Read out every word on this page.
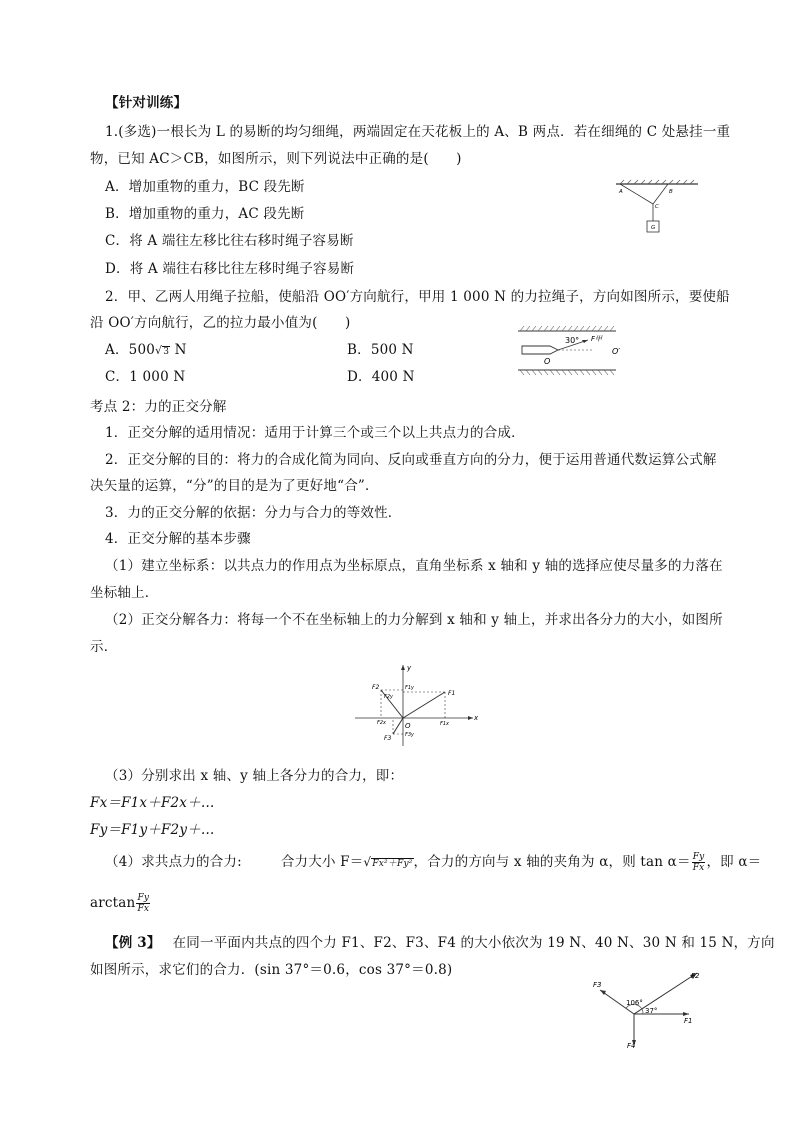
【针对训练】
1.(多选)一根长为 L 的易断的均匀细绳，两端固定在天花板上的 A、B 两点．若在细绳的 C 处悬挂一重
物，已知 AC＞CB，如图所示，则下列说法中正确的是(　　)
A．增加重物的重力，BC 段先断
B．增加重物的重力，AC 段先断
C．将 A 端往左移比往右移时绳子容易断
D．将 A 端往右移比往左移时绳子容易断
A	B
C
G
2．甲、乙两人用绳子拉船，使船沿 OO′方向航行，甲用 1 000 N 的力拉绳子，方向如图所示，要使船
沿 OO′方向航行，乙的拉力最小值为(　　)
A．500√3 N	B．500 N
C．1 000 N	D．400 N
30° F甲
O
O′
考点 2：力的正交分解
1．正交分解的适用情况：适用于计算三个或三个以上共点力的合成．
2．正交分解的目的：将力的合成化简为同向、反向或垂直方向的分力，便于运用普通代数运算公式解
决矢量的运算，“分”的目的是为了更好地“合”．
3．力的正交分解的依据：分力与合力的等效性．
4．正交分解的基本步骤
（1）建立坐标系：以共点力的作用点为坐标原点，直角坐标系 x 轴和 y 轴的选择应使尽量多的力落在
坐标轴上．
（2）正交分解各力：将每一个不在坐标轴上的力分解到 x 轴和 y 轴上，并求出各分力的大小，如图所
示．
y
x
O
F1
F2
F3
F1x
F1y
F2x
F2y
F3y
（3）分别求出 x 轴、y 轴上各分力的合力，即：
Fx＝F1x＋F2x＋…
Fy＝F1y＋F2y＋…
（4）求共点力的合力:	合力大小 F＝√Fx²＋Fy²，合力的方向与 x 轴的夹角为 α，则 $\tan \alpha= \frac{Fy}{Fx}$ ，即 α＝
$\arctan \frac{Fy}{Fx}$
【例 3】 在同一平面内共点的四个力 F1、F2、F3、F4 的大小依次为 19 N、40 N、30 N 和 15 N，方向
如图所示，求它们的合力．(sin 37°＝0.6，cos 37°＝0.8)	F2
F3
F1
F4
106°
37°
